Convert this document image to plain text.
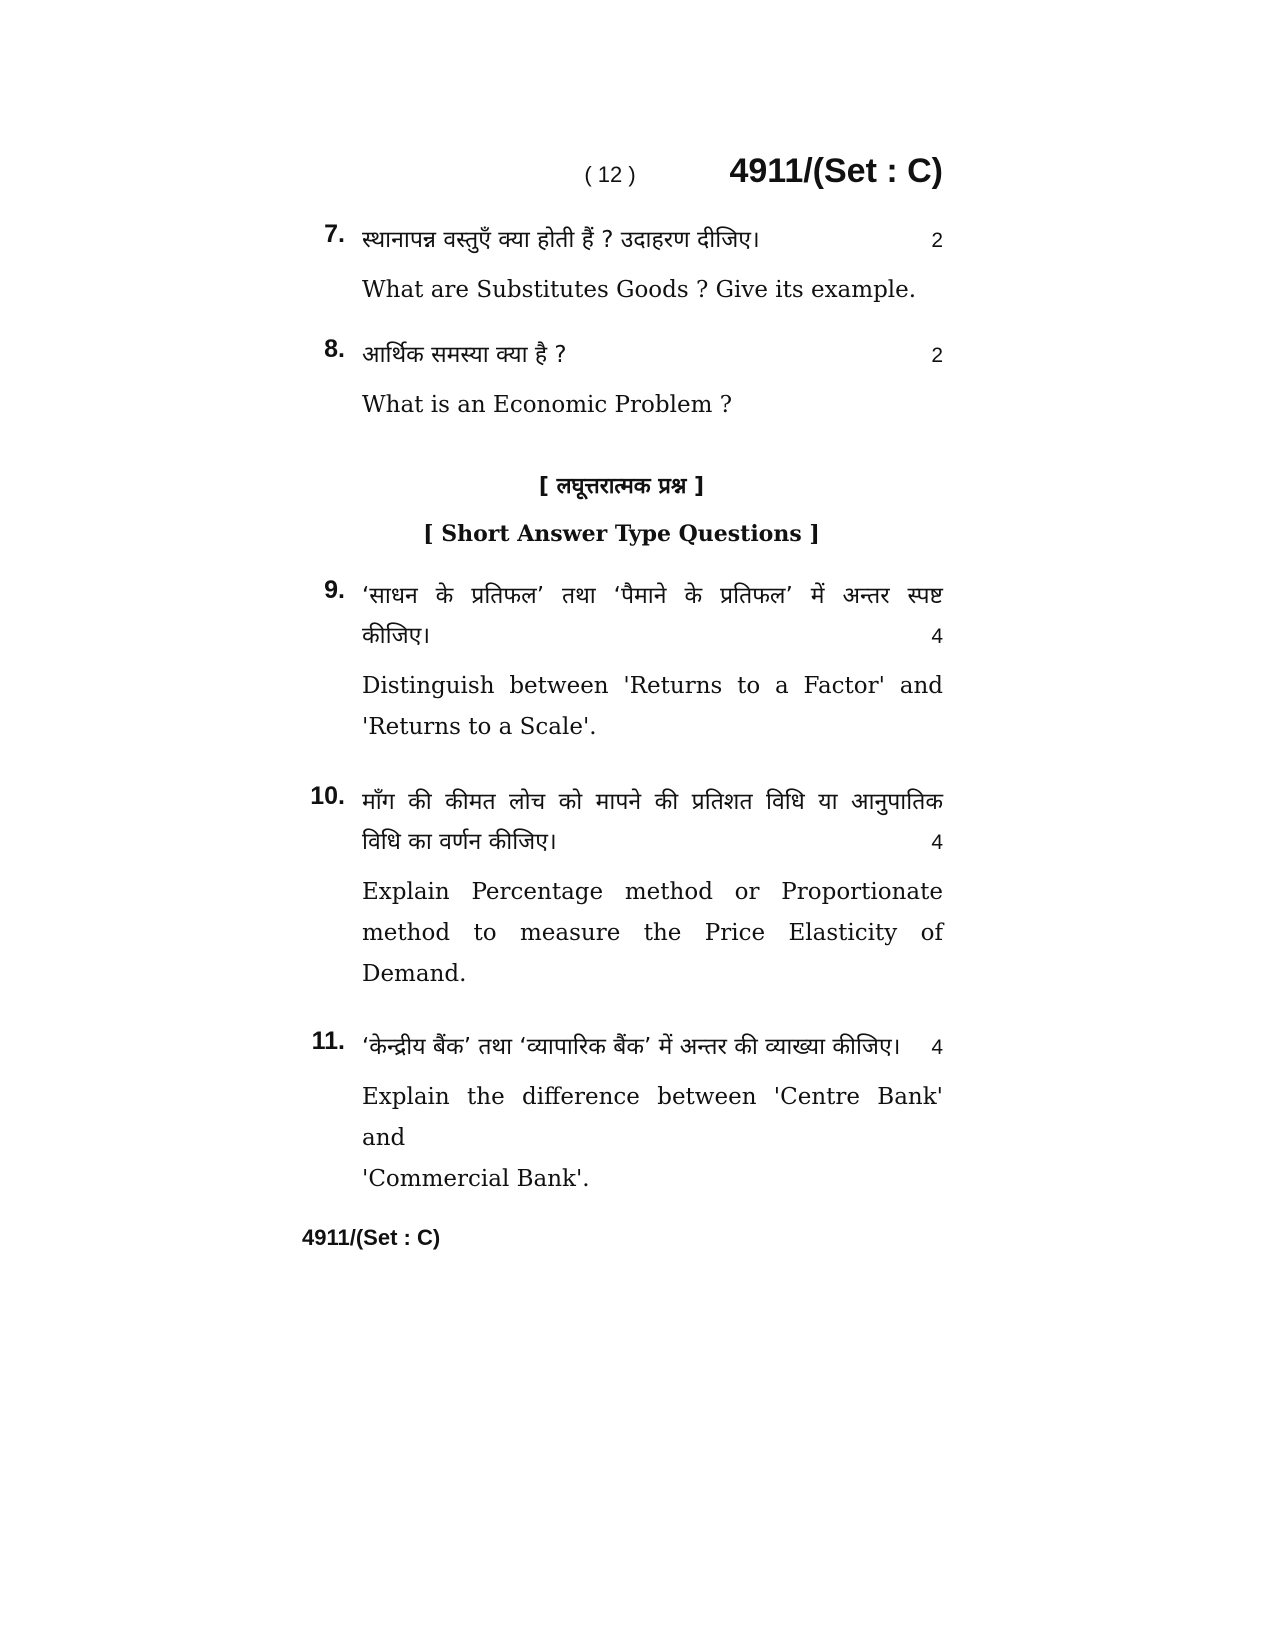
( 12 )	4911/(Set : C)
7. स्थानापन्न वस्तुएँ क्या होती हैं ? उदाहरण दीजिए।	2
What are Substitutes Goods ? Give its example.
8. आर्थिक समस्या क्या है ?	2
What is an Economic Problem ?
[ लघूत्तरात्मक प्रश्न ]
[ Short Answer Type Questions ]
9. ‘साधन के प्रतिफल’ तथा ‘पैमाने के प्रतिफल’ में अन्तर स्पष्ट
कीजिए।	4
Distinguish between 'Returns to a Factor' and
'Returns to a Scale'.
10. माँग की कीमत लोच को मापने की प्रतिशत विधि या आनुपातिक
विधि का वर्णन कीजिए।	4
Explain Percentage method or Proportionate
method to measure the Price Elasticity of
Demand.
11. ‘केन्द्रीय बैंक’ तथा ‘व्यापारिक बैंक’ में अन्तर की व्याख्या कीजिए। 4
Explain the difference between 'Centre Bank' and
'Commercial Bank'.
4911/(Set : C)
